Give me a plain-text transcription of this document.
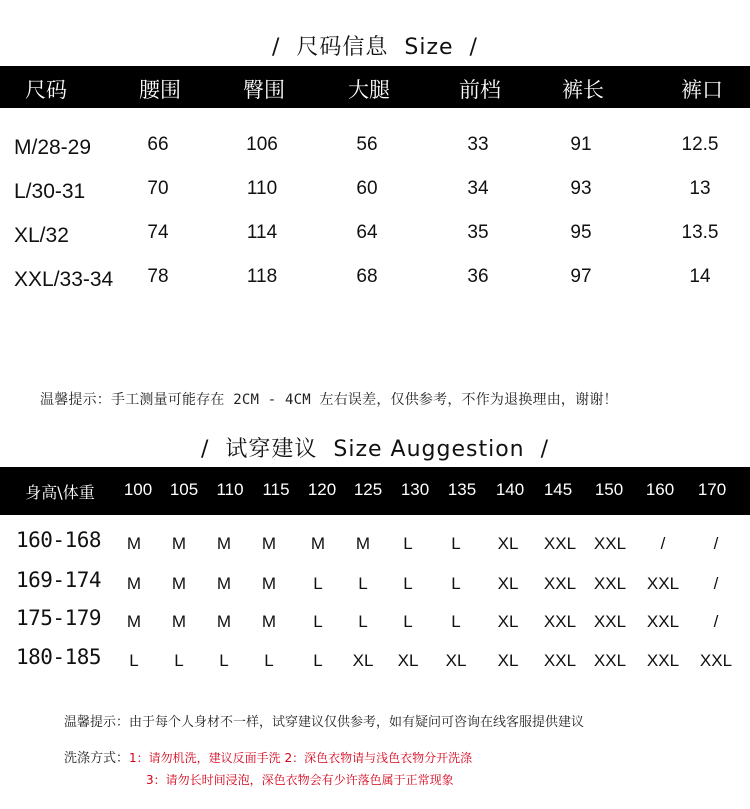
/  尺码信息  Size  /
尺码	腰围	臀围	大腿	前档	裤长	裤口
M/28-29	66	106	56	33	91	12.5
L/30-31	70	110	60	34	93	13
XL/32	74	114	64	35	95	13.5
XXL/33-34 78	118	68	36	97	14
温馨提示：手工测量可能存在 2CM - 4CM 左右误差，仅供参考，不作为退换理由，谢谢！
/  试穿建议  Size Auggestion  /
身高\体重 100 105 110 115 120 125 130 135 140 145 150 160 170
160-168 M M M M M M L L XL XXL XXL /	/
169-174 M M M M L L L L XL XXL XXL XXL /
175-179 M M M M L L L L XL XXL XXL XXL /
180-185 L L L L L XL XL XL XL XXL XXL XXL XXL
温馨提示：由于每个人身材不一样，试穿建议仅供参考，如有疑问可咨询在线客服提供建议
洗涤方式：1：请勿机洗，建议反面手洗 2：深色衣物请与浅色衣物分开洗涤
3：请勿长时间浸泡，深色衣物会有少许落色属于正常现象
